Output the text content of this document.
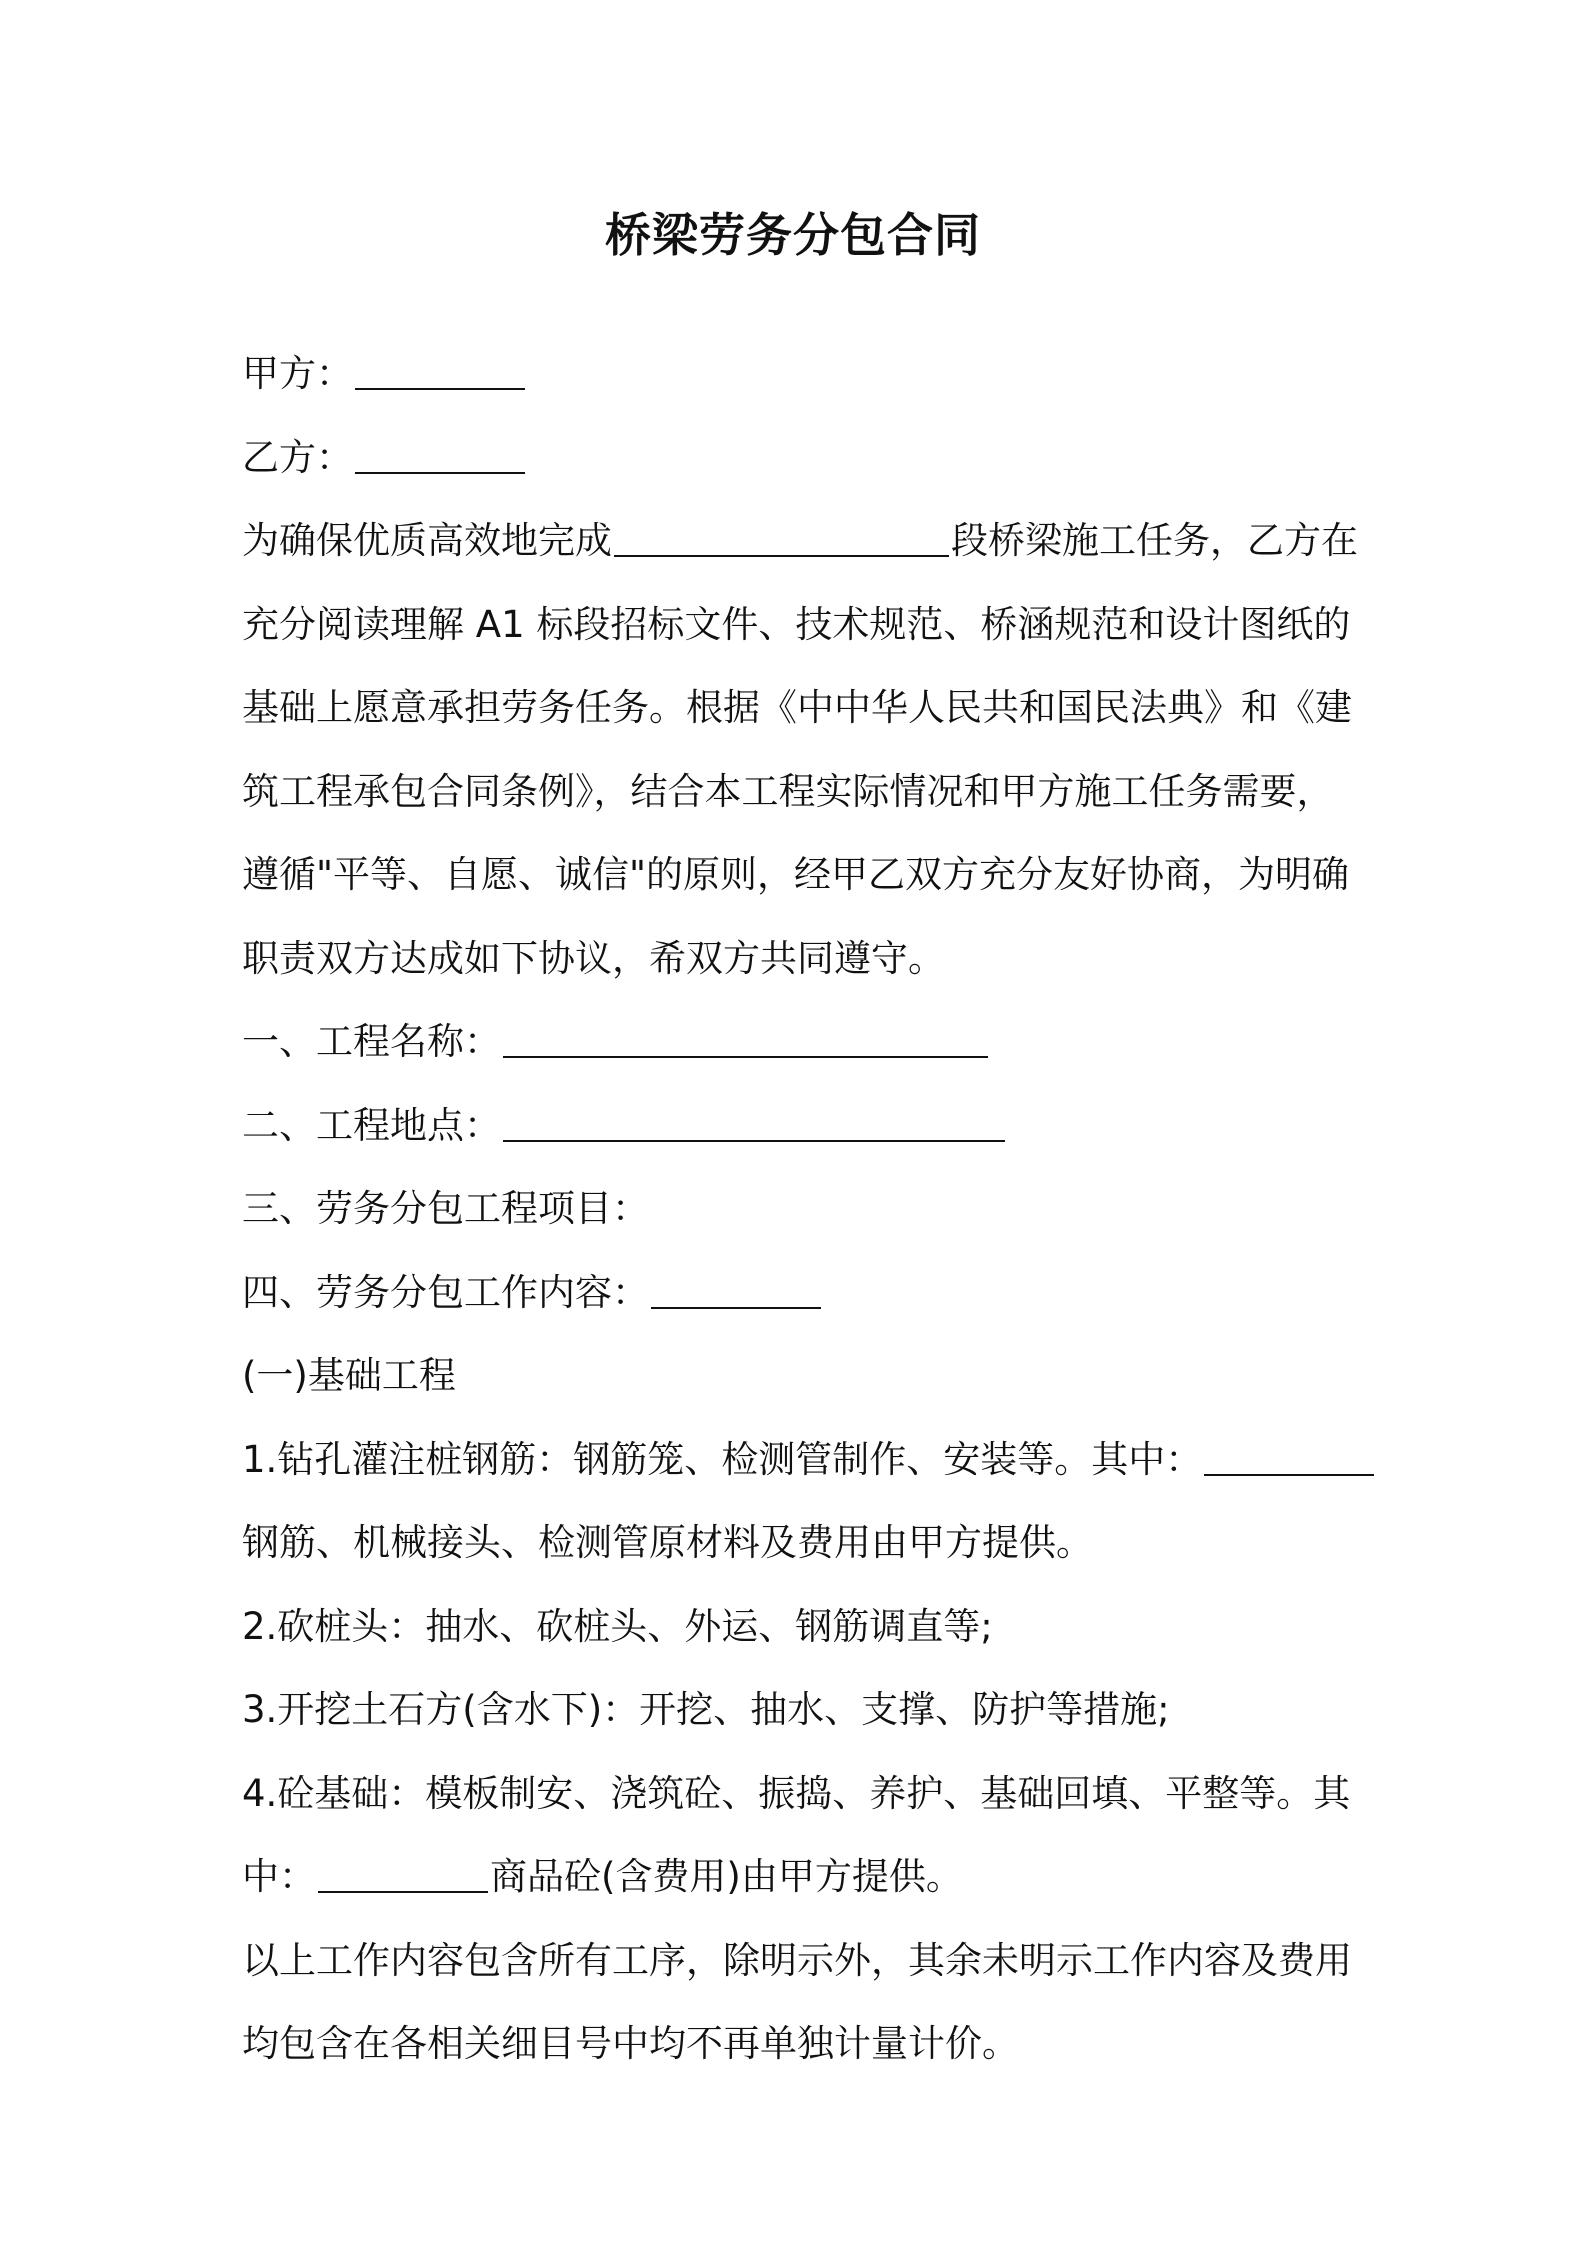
桥梁劳务分包合同
甲方：
乙方：
为确保优质高效地完成	段桥梁施工任务，乙方在
充分阅读理解 A1 标段招标文件、技术规范、桥涵规范和设计图纸的
基础上愿意承担劳务任务。根据《中中华人民共和国民法典》和《建
筑工程承包合同条例》，结合本工程实际情况和甲方施工任务需要，
遵循"平等、自愿、诚信"的原则，经甲乙双方充分友好协商，为明确
职责双方达成如下协议，希双方共同遵守。
一、工程名称：
二、工程地点：
三、劳务分包工程项目：
四、劳务分包工作内容：
(一)基础工程
1.钻孔灌注桩钢筋：钢筋笼、检测管制作、安装等。其中：
钢筋、机械接头、检测管原材料及费用由甲方提供。
2.砍桩头：抽水、砍桩头、外运、钢筋调直等;
3.开挖土石方(含水下)：开挖、抽水、支撑、防护等措施;
4.砼基础：模板制安、浇筑砼、振捣、养护、基础回填、平整等。其
中：	商品砼(含费用)由甲方提供。
以上工作内容包含所有工序，除明示外，其余未明示工作内容及费用
均包含在各相关细目号中均不再单独计量计价。
